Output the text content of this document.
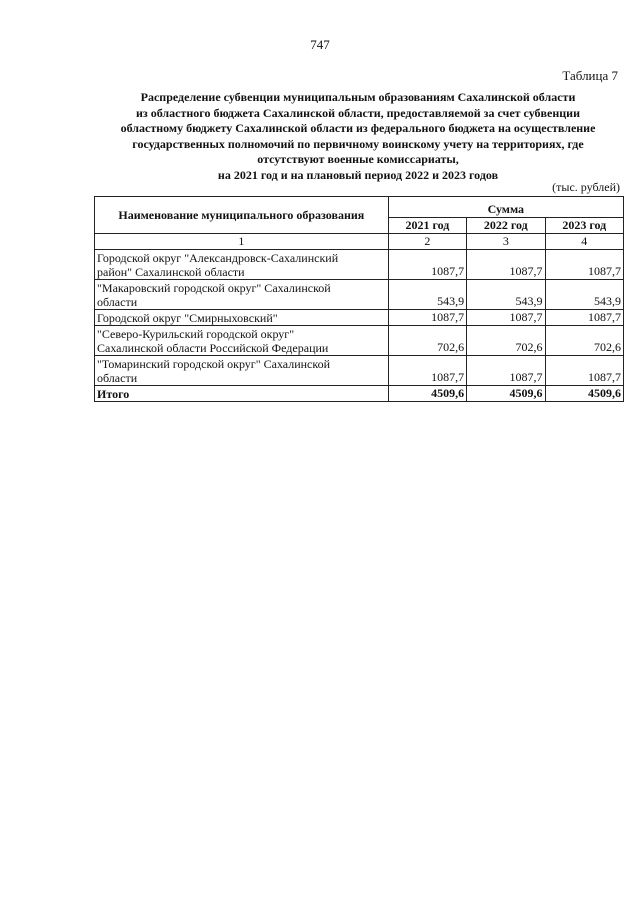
747
Таблица 7
Распределение субвенции муниципальным образованиям Сахалинской области
из областного бюджета Сахалинской области, предоставляемой за счет субвенции
областному бюджету Сахалинской области из федерального бюджета на осуществление
государственных полномочий по первичному воинскому учету на территориях, где
отсутствуют военные комиссариаты,
на 2021 год и на плановый период 2022 и 2023 годов
(тыс. рублей)
Наименование муниципального образования	Сумма		
	2021 год	2022 год	2023 год
1	2	3	4

Городской округ "Александровск-Сахалинский
район" Сахалинской области	1087,7	1087,7	1087,7

"Макаровский городской округ" Сахалинской
области	543,9	543,9	543,9

Городской округ "Смирныховский"	1087,7	1087,7	1087,7

"Северо-Курильский городской округ"
Сахалинской области Российской Федерации	702,6	702,6	702,6

"Томаринский городской округ" Сахалинской
области	1087,7	1087,7	1087,7
Итого	4509,6	4509,6	4509,6
